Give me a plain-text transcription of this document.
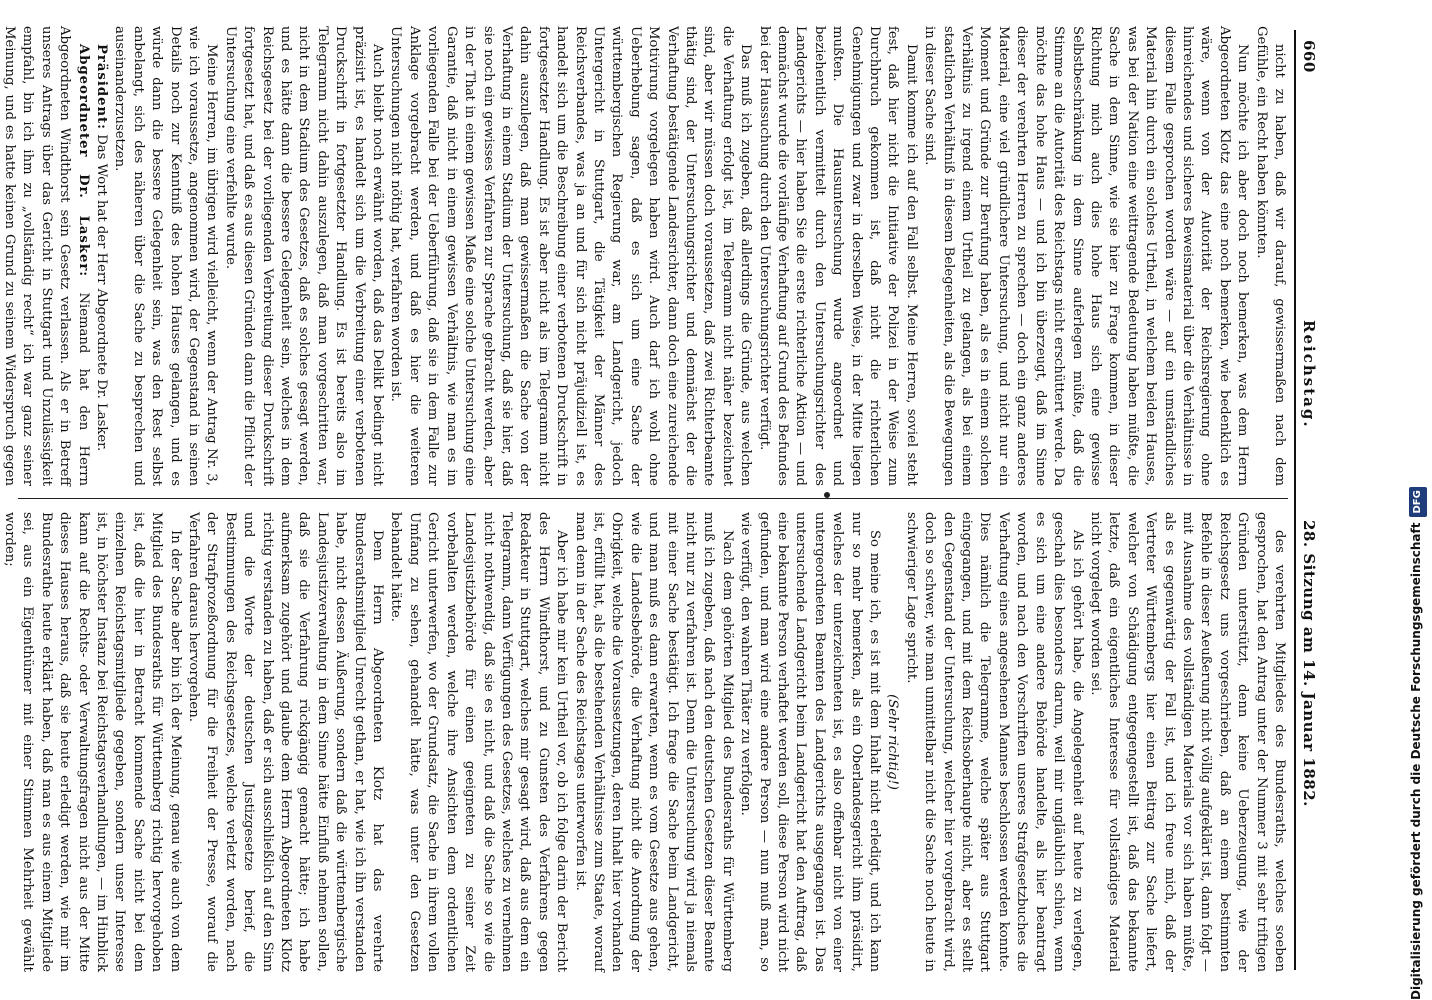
660
Reichstag.
28. Sitzung am 14. Januar 1882.

nicht zu haben, daß wir darauf, gewissermaßen nach dem Gefühle, ein Recht haben könnten.

Nun möchte ich aber doch noch bemerken, was dem Herrn Abgeordneten Klotz das eine noch bemerken, wie bedenklich es wäre, wenn von der Autorität der Reichsregierung ohne hinreichendes und sicheres Beweismaterial über die Verhältnisse in diesem Falle gesprochen worden wäre — auf ein umständliches Material hin durch ein solches Urtheil, in welchem beiden Hauses, was bei der Nation eine weittragende Bedeutung haben müßte, die Sache in dem Sinne, wie sie hier zu Frage kommen, in dieser Richtung mich auch dies hohe Haus sich eine gewisse Selbstbeschränkung in dem Sinne auferlegen müßte, daß die Stimme an die Autorität des Reichstags nicht erschüttert werde. Da möchte das hohe Haus — und ich bin überzeugt, daß im Sinne dieser der verehrten Herren zu sprechen — doch ein ganz anderes Material, eine viel gründlichere Untersuchung, und nicht nur ein Moment und Gründe zur Berufung haben, als es in einem solchen Verhältnis zu irgend einem Urtheil zu gelangen, als bei einem staatlichen Verhältniß in diesem Belegenheiten, als die Bewegungen in dieser Sache sind.

Damit komme ich auf den Fall selbst. Meine Herren, soviel steht fest, daß hier nicht die Initiative der Polizei in der Weise zum Durchbruch gekommen ist, daß nicht die richterlichen Genehmigungen und zwar in derselben Weise, in der Mitte liegen mußten. Die Hausuntersuchung wurde angeordnet und beziehentlich vermittelt durch den Untersuchungsrichter des Landgerichts — hier haben Sie die erste richterliche Aktion — und demnächst wurde die vorläufige Verhaftung auf Grund des Befundes bei der Haussuchung durch den Untersuchungsrichter verfügt.

Das muß ich zugeben, daß allerdings die Gründe, aus welchen die Verhaftung erfolgt ist, im Telegramm nicht näher bezeichnet sind, aber wir müssen doch voraussetzen, daß zwei Richterbeamte thätig sind, der Untersuchungsrichter und demnächst der die Verhaftung bestätigende Landesrichter, dann doch eine zureichende Motivirung vorgelegen haben wird. Auch darf ich wohl ohne Ueberhebung sagen, daß es sich um eine Sache der württembergischen Regierung war, am Landgericht, jedoch Untergericht in Stuttgart, die Tätigkeit der Männer des Reichsverbandes, was ja an und für sich nicht präjudiziell ist, es handelt sich um die Beschreibung einer verbotenen Druckschrift in fortgesetzter Handlung. Es ist aber nicht als im Telegramm nicht dahin auszulegen, daß man gewissermaßen die Sache von der Verhaftung in einem Stadium der Untersuchung, daß sie hier, daß sie noch ein gewisses Verfahren zur Sprache gebracht werden, aber in der That in einem gewissen Maße eine solche Untersuchung eine Garantie, daß nicht in einem gewissen Verhältnis, wie man es im vorliegenden Falle bei der Ueberführung, daß sie in dem Falle zur Anklage vorgebracht werden, und daß es hier die weiteren Untersuchungen nicht nöthig hat, verfahren worden ist.

Auch bleibt noch erwähnt worden, daß das Delikt bedingt nicht präzisirt ist, es handelt sich um die Verbreitung einer verbotenen Druckschrift in fortgesetzter Handlung. Es ist bereits also im Telegramm nicht dahin auszulegen, daß man vorgeschritten war, nicht in dem Stadium des Gesetzes, daß es solches gesagt werden, und es hätte dann die bessere Gelegenheit sein, welches in dem Reichsgesetz bei der vorliegenden Verbreitung dieser Druckschrift fortgesetzt hat, und daß es aus diesen Gründen dann die Pflicht der Untersuchung eine verfehlte wurde.

Meine Herren, im übrigen wird vielleicht, wenn der Antrag Nr. 3, wie ich voraussetze, angenommen wird, der Gegenstand in seinen Details noch zur Kenntniß des hohen Hauses gelangen, und es würde dann die bessere Gelegenheit sein, was den Rest selbst anbelangt, sich des näheren über die Sache zu besprechen und auseinanderzusetzen.

Präsident: Das Wort hat der Herr Abgeordnete Dr. Lasker.

Abgeordneter Dr. Lasker: Niemand hat den Herrn Abgeordneten Windthorst sein Gesetz verlassen. Als er in Betreff unseres Antrags über das Gericht in Stuttgart und Unzulässigkeit empfahl, bin ich ihm zu „vollständig recht“ ich war ganz seiner Meinung, und es hatte keinen Grund zu seinem Widerspruch gegen

des verehrten Mitgliedes des Bundesraths, welches soeben gesprochen, hat den Antrag unter der Nummer 3 mit sehr triftigen Gründen unterstützt, denn keine Ueberzeugung, wie der Reichsgesetz uns vorgeschrieben, daß an einem bestimmten Befehle in dieser Aeußerung nicht völlig aufgeklärt ist, dann folgt — mit Ausnahme des vollständigen Materials vor sich haben müßte, als es gegenwärtig der Fall ist, und ich freue mich, daß der Vertreter Württembergs hier einen Beitrag zur Sache liefert, welcher von Schädigung entgegengestellt ist, daß das bekannte letzte, daß ein eigentliches Interesse für vollständiges Material nicht vorgelegt worden sei.

Als ich gehört habe, die Angelegenheit auf heute zu verlegen, geschah dies besonders darum, weil mir ungläublich schien, wenn es sich um eine andere Behörde handelte, als hier beantragt worden, und nach den Vorschriften unseres Strafgesetzbuches die Verhaftung eines angesehenen Mannes beschlossen werden konnte. Dies nämlich die Telegramme, welche später aus Stuttgart eingegangen, und mit dem Reichsoberhaupte nicht, aber es stellt den Gegenstand der Untersuchung, welcher hier vorgebracht wird, doch so schwer, wie man unmittelbar nicht die Sache noch heute in schwieriger Lage spricht.

(Sehr richtig!)

So meine ich, es ist mit dem Inhalt nicht erledigt, und ich kann nur so mehr bemerken, als ein Oberlandesgericht ihm präsidirt, welches der unterzeichneten ist, es also offenbar nicht von einer untergeordneten Beamten des Landgerichts ausgegangen ist. Das untersuchende Landgericht beim Landgericht hat den Auftrag, daß eine bekannte Person verhaftet werden soll, diese Person wird nicht gefunden, und man wird eine andere Person — nun muß man, so wie verfügt, den wahren Thäter zu verfolgen.

Nach dem gehörten Mitglied des Bundesraths für Württemberg muß ich zugeben, daß nach den deutschen Gesetzen dieser Beamte nicht nur zu verfahren ist. Denn die Untersuchung wird ja niemals mit einer Sache bestätigt. Ich frage die Sache beim Landgericht, und man muß es dann erwarten, wenn es vom Gesetze aus gehen, wie die Landesbehörde, die Verhaftung nicht die Anordnung der Obrigkeit, welche die Voraussetzungen, deren Inhalt hier vorhanden ist, erfüllt hat, als die bestehenden Verhältnisse zum Staate, worauf man denn in der Sache des Reichstages unterworfen ist.

Aber ich habe mir kein Urtheil vor, ob ich folge darin der Bericht des Herrn Windthorst, und zu Gunsten des Verfahrens gegen Redakteur in Stuttgart, welches mir gesagt wird, daß aus dem ein Telegramm, dann Verfügungen des Gesetzes, welches zu vernehmen nicht nothwendig, daß sie es nicht, und daß die Sache so wie die Landesjustizbehörde für einen geeigneten zu seiner Zeit vorbehalten werden, welche ihre Ansichten dem ordentlichen Gericht unterwerfen, wo der Grundsatz, die Sache in ihrem vollen Umfang zu sehen, gehandelt hätte, was unter den Gesetzen behandelt hätte.

Dem Herrn Abgeordneten Klotz hat das verehrte Bundesrathsmitglied Unrecht gethan, er hat, wie ich ihn verstanden habe, nicht dessen Äußerung, sondern daß die württembergische Landesjustizverwaltung in dem Sinne hätte Einfluß nehmen sollen, daß sie die Verfahrung rückgängig gemacht hätte; ich habe aufmerksam zugehört und glaube dem Herrn Abgeordneten Klotz richtig verstanden zu haben, daß er sich ausschließlich auf den Sinn und die Worte der deutschen Justizgesetze berief, die Bestimmungen des Reichsgesetzes, welche verletzt worden, nach der Strafprozeßordnung für die Freiheit der Presse, worauf die Verfahren daraus hervorgehen.

In der Sache aber bin ich der Meinung, genau wie auch von dem Mitglied des Bundesraths für Württemberg richtig hervorgehoben ist, daß die hier in Betracht kommende Sache nicht bei dem einzelnen Reichstagsmitgliede gegeben, sondern unser Interesse ist, in höchster Instanz bei Reichstagsverhandlungen, — im Hinblick kann auf die Rechts- oder Verwaltungsfragen nicht aus der Mitte dieses Hauses heraus, daß sie heute erledigt werden, wie mir im Bundesrathe heute erklärt haben, daß man es aus einem Mitgliede sei, aus ein Eigenthümer mit einer Stimmen Mehrheit gewählt worden;	Digitalisierung gefördert durch die Deutsche ForschungsgemeinschaftDFG
